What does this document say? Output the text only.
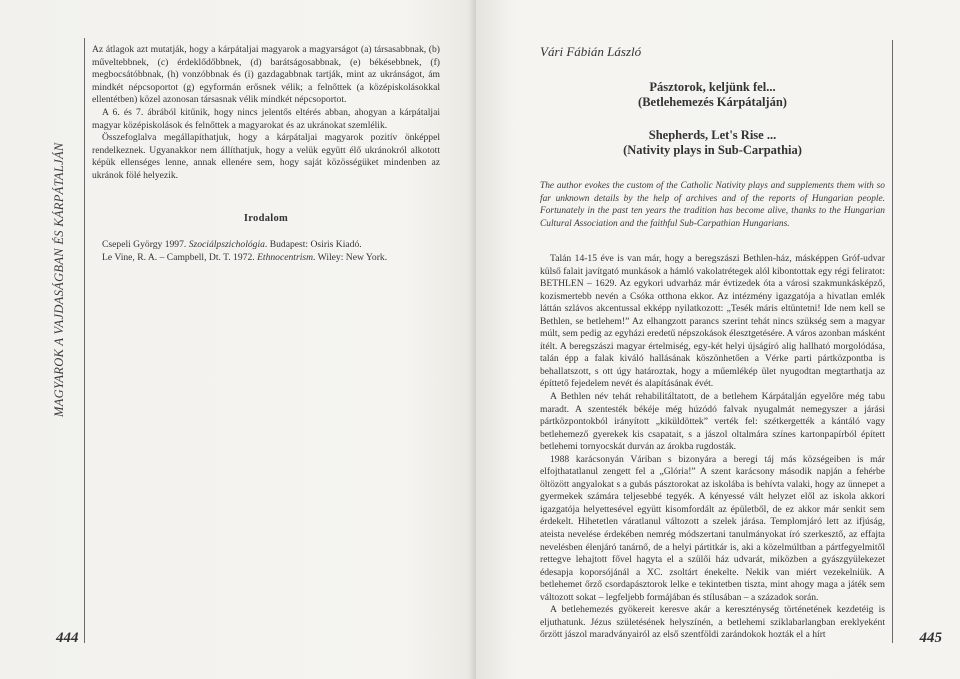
MAGYAROK A VAJDASÁGBAN ÉS KÁRPÁTALJÁN

Az átlagok azt mutatják, hogy a kárpátaljai magyarok a magyarságot (a) társasabbnak, (b) műveltebbnek, (c) érdeklődőbbnek, (d) barátságosabbnak, (e) békésebbnek, (f) megbocsátóbbnak, (h) vonzóbbnak és (i) gazdagabbnak tartják, mint az ukránságot, ám mindkét népcsoportot (g) egyformán erősnek vélik; a felnőttek (a középiskolásokkal ellentétben) közel azonosan társasnak vélik mindkét népcsoportot.

A 6. és 7. ábrából kitűnik, hogy nincs jelentős eltérés abban, ahogyan a kárpátaljai magyar középiskolások és felnőttek a magyarokat és az ukránokat szemlélik.

Összefoglalva megállapíthatjuk, hogy a kárpátaljai magyarok pozitív önképpel rendelkeznek. Ugyanakkor nem állíthatjuk, hogy a velük együtt élő ukránokról alkotott képük ellenséges lenne, annak ellenére sem, hogy saját közösségüket mindenben az ukránok fölé helyezik.

Irodalom

Csepeli György 1997. Szociálpszichológia. Budapest: Osiris Kiadó.

Le Vine, R. A. – Campbell, Dt. T. 1972. Ethnocentrism. Wiley: New York.

444
Vári Fábián László
Pásztorok, keljünk fel...
(Betlehemezés Kárpátalján)
Shepherds, Let's Rise ...
(Nativity plays in Sub-Carpathia)
The author evokes the custom of the Catholic Nativity plays and supplements them with so far unknown details by the help of archives and of the reports of Hungarian people. Fortunately in the past ten years the tradition has become alive, thanks to the Hungarian Cultural Association and the faithful Sub-Carpathian Hungarians.

Talán 14-15 éve is van már, hogy a beregszászi Bethlen-ház, másképpen Gróf-udvar külső falait javítgató munkások a hámló vakolatrétegek alól kibontottak egy régi feliratot: BETHLEN – 1629. Az egykori udvarház már évtizedek óta a városi szakmunkásképző, kozismertebb nevén a Csóka otthona ekkor. Az intézmény igazgatója a hivatlan emlék láttán szlávos akcentussal ekképp nyilatkozott: „Tesék máris eltüntetni! Ide nem kell se Bethlen, se betlehem!” Az elhangzott parancs szerint tehát nincs szükség sem a magyar múlt, sem pedig az egyházi eredetű népszokások élesztgetésére. A város azonban másként ítélt. A beregszászi magyar értelmiség, egy-két helyi újságíró alig hallható morgolódása, talán épp a falak kiváló hallásának köszönhetően a Vérke parti pártközpontba is behallatszott, s ott úgy határoztak, hogy a műemlékép ület nyugodtan megtarthatja az építtető fejedelem nevét és alapításának évét.

A Bethlen név tehát rehabilitáltatott, de a betlehem Kárpátalján egyelőre még tabu maradt. A szentesték békéje még húzódó falvak nyugalmát nemegyszer a járási pártközpontokból irányított „kiküldöttek” verték fel: szétkergették a kántáló vagy betlehemező gyerekek kis csapatait, s a jászol oltalmára színes kartonpapírból épített betlehemi tornyocskát durván az árokba rugdosták.

1988 karácsonyán Váriban s bizonyára a beregi táj más községeiben is már elfojthatatlanul zengett fel a „Glória!” A szent karácsony második napján a fehérbe öltözött angyalokat s a gubás pásztorokat az iskolába is behívta valaki, hogy az ünnepet a gyermekek számára teljesebbé tegyék. A kényessé vált helyzet elől az iskola akkori igazgatója helyettesével együtt kisomfordált az épületből, de ez akkor már senkit sem érdekelt. Hihetetlen váratlanul változott a szelek járása. Templomjáró lett az ifjúság, ateista nevelése érdekében nemrég módszertani tanulmányokat író szerkesztő, az effajta nevelésben élenjáró tanárnő, de a helyi pártitkár is, aki a közelmúltban a pártfegyelmitől rettegve lehajtott fővel hagyta el a szülői ház udvarát, miközben a gyászgyülekezet édesapja koporsójánál a XC. zsoltárt énekelte. Nekik van miért vezekelniük. A betlehemet őrző csordapásztorok lelke e tekintetben tiszta, mint ahogy maga a játék sem változott sokat – legfeljebb formájában és stílusában – a századok során.

A betlehemezés gyökereit keresve akár a kereszténység történetének kezdetéig is eljuthatunk. Jézus születésének helyszínén, a betlehemi sziklabarlangban ereklyeként őrzött jászol maradványairól az első szentföldi zarándokok hozták el a hírt	445
